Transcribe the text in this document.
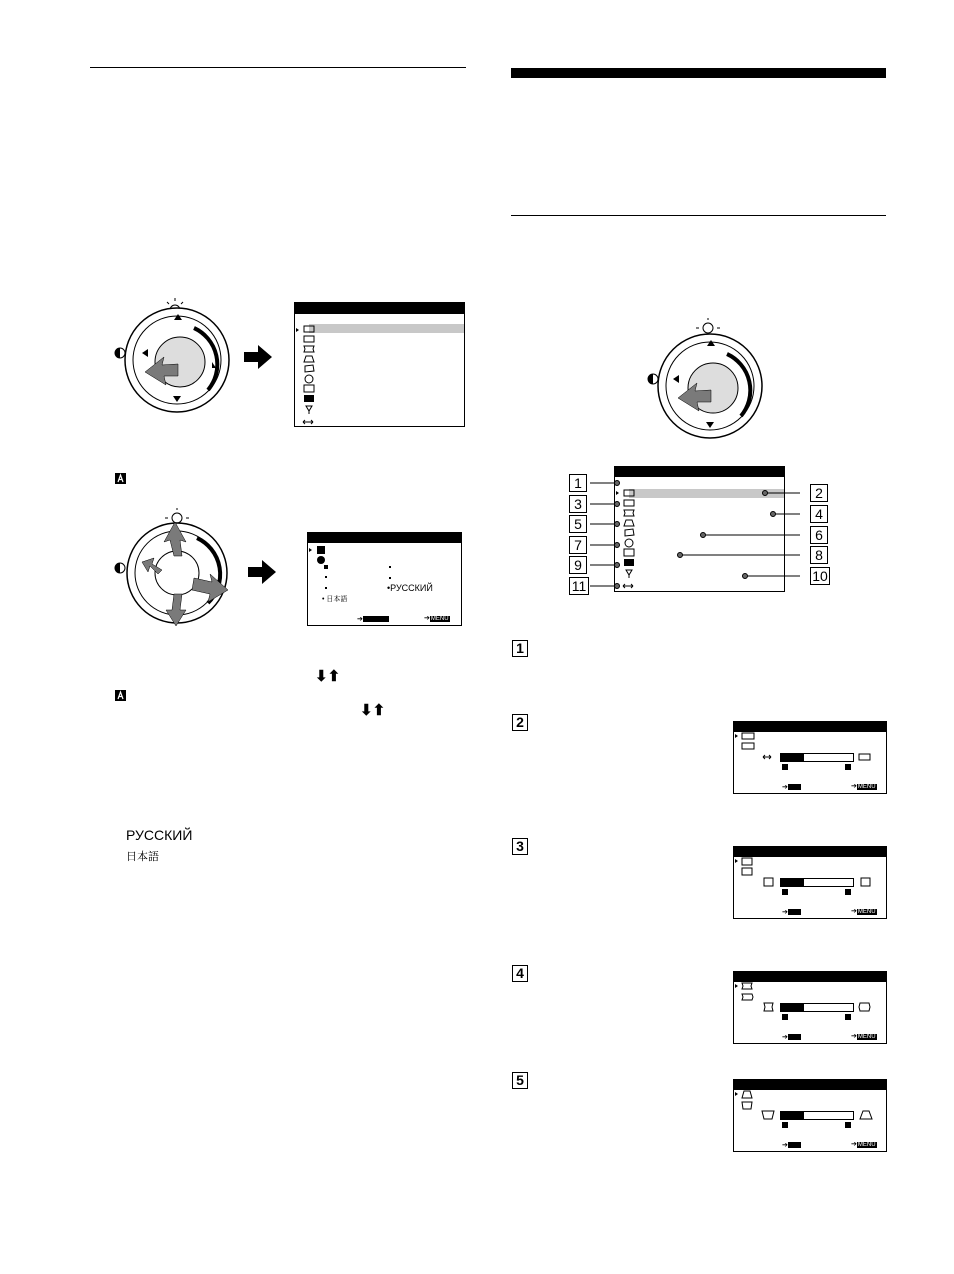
•РУССКИЙ
• 日本語
➔	➔MENU
⬇⬆
⬇⬆
РУССКИЙ
日本語
1
3
5
7
9
11
2
4
6
8
10
1
2
3
4
5
➔	➔MENU
➔	➔MENU
➔	➔MENU
➔	➔MENU
